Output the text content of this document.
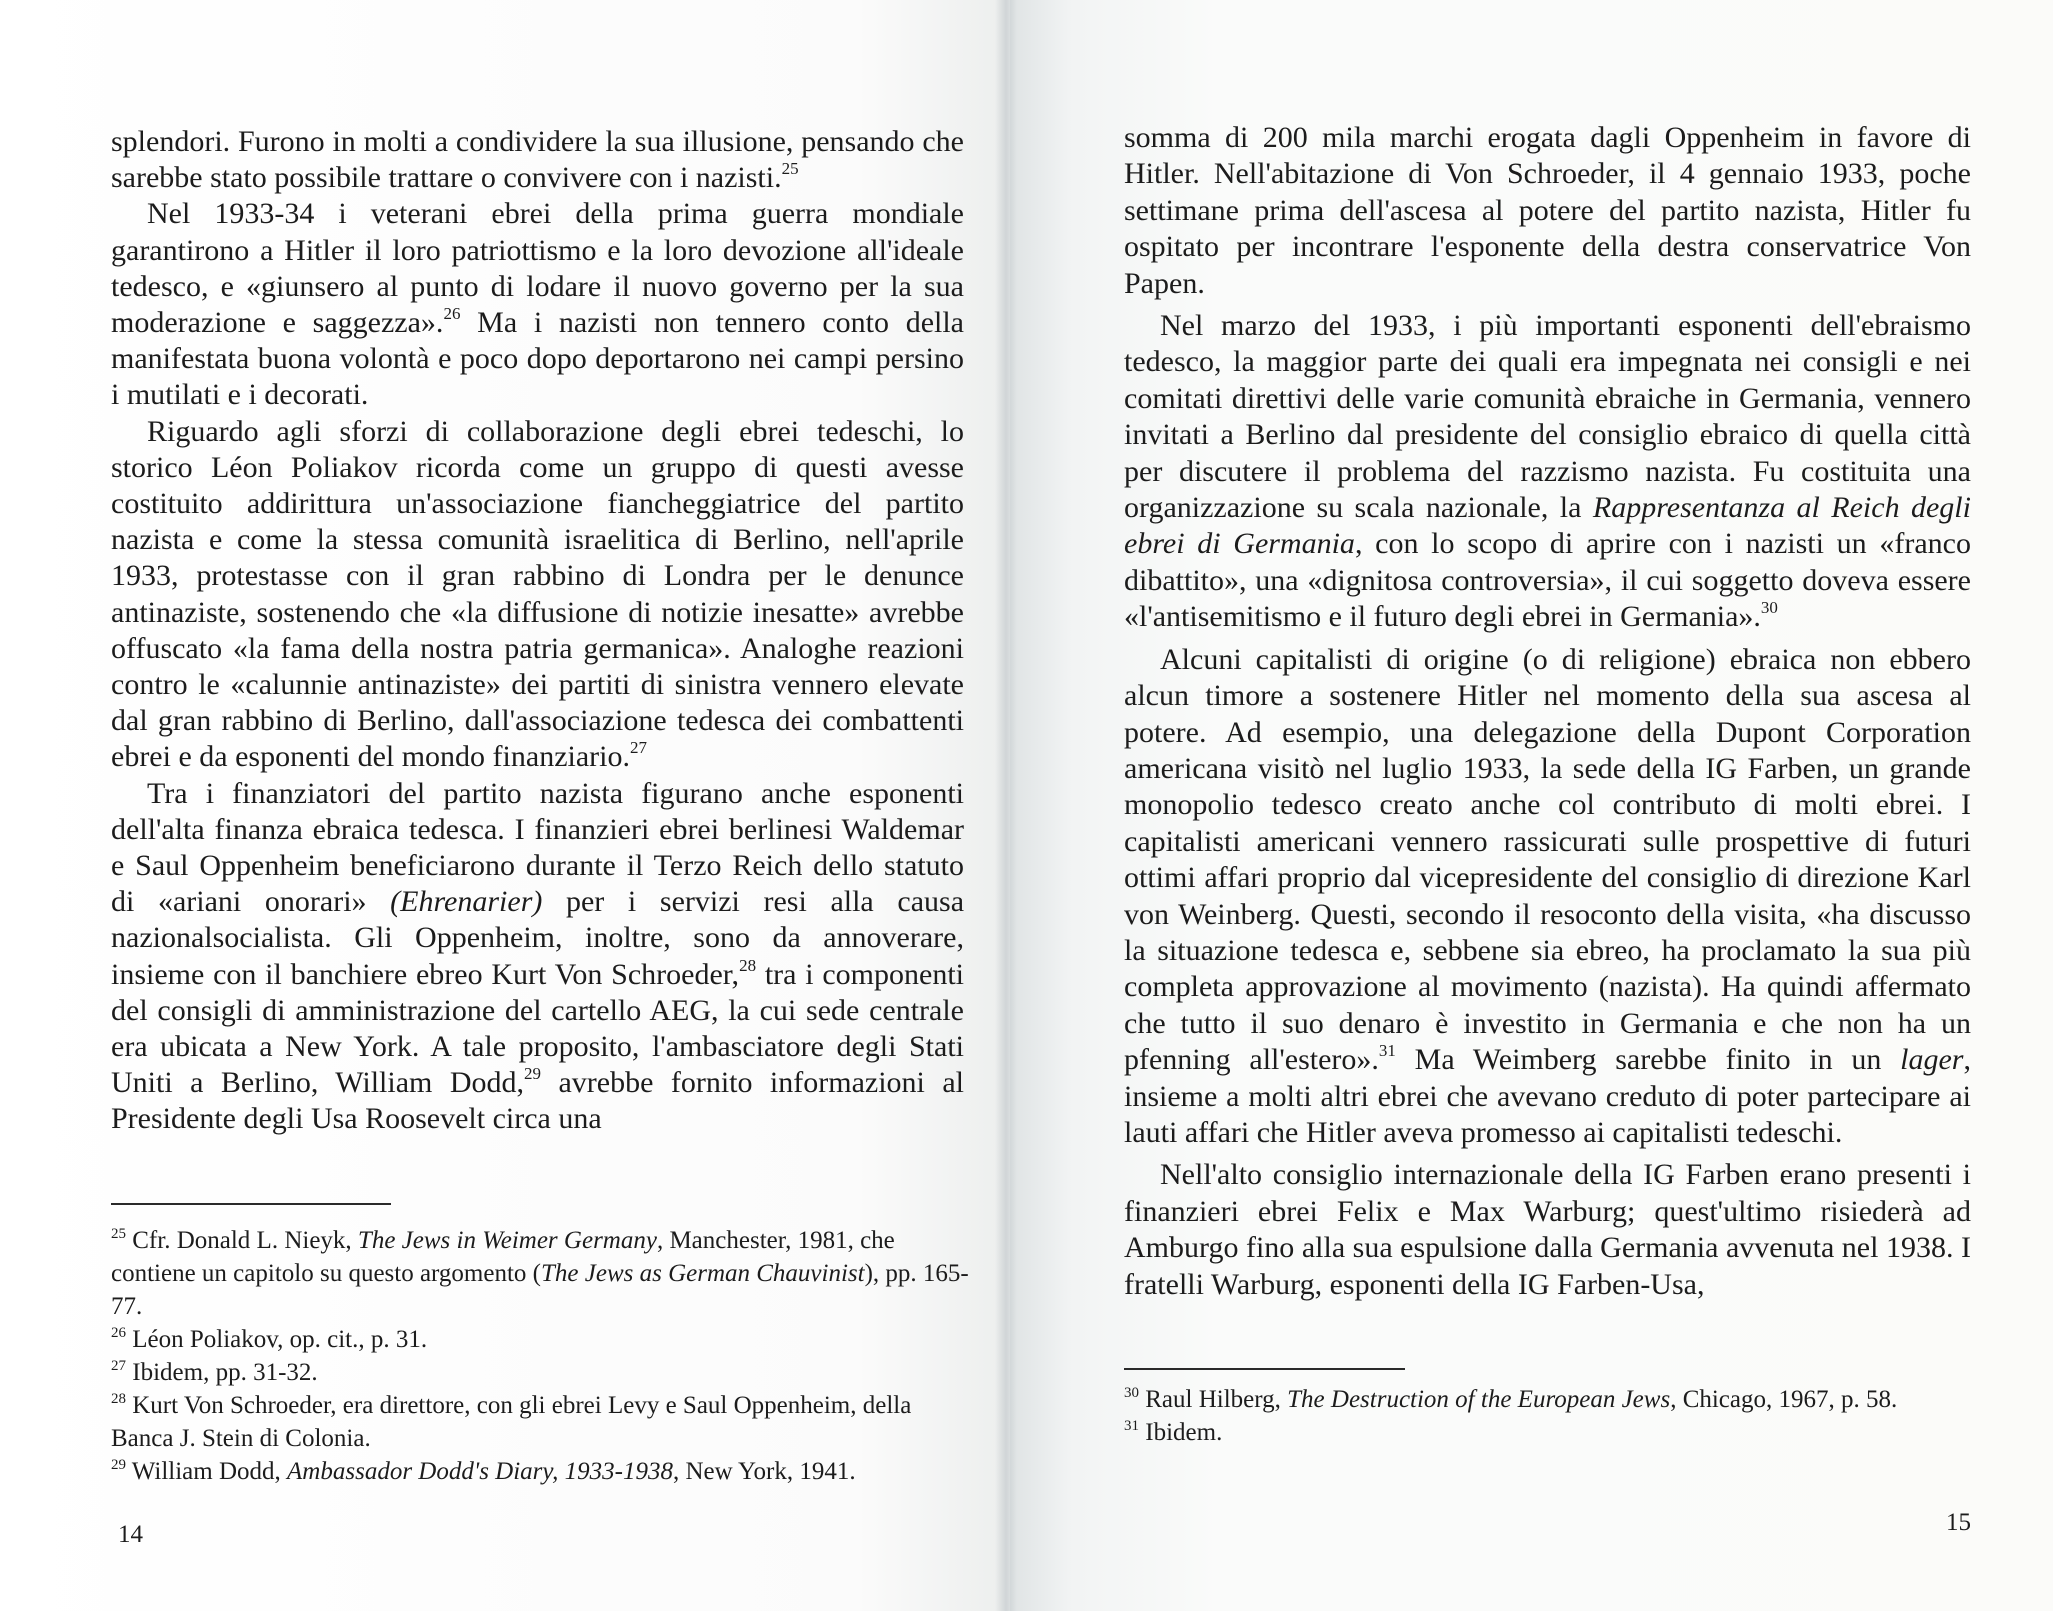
splendori. Furono in molti a condividere la sua illusione, pensando che sarebbe stato possibile trattare o convivere con i nazisti.$^{25}$

Nel 1933-34 i veterani ebrei della prima guerra mondiale garantirono a Hitler il loro patriottismo e la loro devozione all'ideale tedesco, e «giunsero al punto di lodare il nuovo governo per la sua moderazione e saggezza».$^{26}$ Ma i nazisti non tennero conto della manifestata buona volontà e poco dopo deportarono nei campi persino i mutilati e i decorati.

Riguardo agli sforzi di collaborazione degli ebrei tedeschi, lo storico Léon Poliakov ricorda come un gruppo di questi avesse costituito addirittura un'associazione fiancheggiatrice del partito nazista e come la stessa comunità israelitica di Berlino, nell'aprile 1933, protestasse con il gran rabbino di Londra per le denunce antinaziste, sostenendo che «la diffusione di notizie inesatte» avrebbe offuscato «la fama della nostra patria germanica». Analoghe reazioni contro le «calunnie antinaziste» dei partiti di sinistra vennero elevate dal gran rabbino di Berlino, dall'associazione tedesca dei combattenti ebrei e da esponenti del mondo finanziario.$^{27}$

Tra i finanziatori del partito nazista figurano anche esponenti dell'alta finanza ebraica tedesca. I finanzieri ebrei berlinesi Waldemar e Saul Oppenheim beneficiarono durante il Terzo Reich dello statuto di «ariani onorari» (Ehrenarier) per i servizi resi alla causa nazionalsocialista. Gli Oppenheim, inoltre, sono da annoverare, insieme con il banchiere ebreo Kurt Von Schroeder,$^{28}$ tra i componenti del consigli di amministrazione del cartello AEG, la cui sede centrale era ubicata a New York. A tale proposito, l'ambasciatore degli Stati Uniti a Berlino, William Dodd,$^{29}$ avrebbe fornito informazioni al Presidente degli Usa Roosevelt circa una

$^{25}$ Cfr. Donald L. Nieyk, The Jews in Weimer Germany, Manchester, 1981, che contiene un capitolo su questo argomento (The Jews as German Chauvinist), pp. 165-77.

$^{26}$ Léon Poliakov, op. cit., p. 31.

$^{27}$ Ibidem, pp. 31-32.

$^{28}$ Kurt Von Schroeder, era direttore, con gli ebrei Levy e Saul Oppenheim, della Banca J. Stein di Colonia.

$^{29}$ William Dodd, Ambassador Dodd's Diary, 1933-1938, New York, 1941.

14

somma di 200 mila marchi erogata dagli Oppenheim in favore di Hitler. Nell'abitazione di Von Schroeder, il 4 gennaio 1933, poche settimane prima dell'ascesa al potere del partito nazista, Hitler fu ospitato per incontrare l'esponente della destra conservatrice Von Papen.

Nel marzo del 1933, i più importanti esponenti dell'ebraismo tedesco, la maggior parte dei quali era impegnata nei consigli e nei comitati direttivi delle varie comunità ebraiche in Germania, vennero invitati a Berlino dal presidente del consiglio ebraico di quella città per discutere il problema del razzismo nazista. Fu costituita una organizzazione su scala nazionale, la Rappresentanza al Reich degli ebrei di Germania, con lo scopo di aprire con i nazisti un «franco dibattito», una «dignitosa controversia», il cui soggetto doveva essere «l'antisemitismo e il futuro degli ebrei in Germania».$^{30}$

Alcuni capitalisti di origine (o di religione) ebraica non ebbero alcun timore a sostenere Hitler nel momento della sua ascesa al potere. Ad esempio, una delegazione della Dupont Corporation americana visitò nel luglio 1933, la sede della IG Farben, un grande monopolio tedesco creato anche col contributo di molti ebrei. I capitalisti americani vennero rassicurati sulle prospettive di futuri ottimi affari proprio dal vicepresidente del consiglio di direzione Karl von Weinberg. Questi, secondo il resoconto della visita, «ha discusso la situazione tedesca e, sebbene sia ebreo, ha proclamato la sua più completa approvazione al movimento (nazista). Ha quindi affermato che tutto il suo denaro è investito in Germania e che non ha un pfenning all'estero».$^{31}$ Ma Weimberg sarebbe finito in un lager, insieme a molti altri ebrei che avevano creduto di poter partecipare ai lauti affari che Hitler aveva promesso ai capitalisti tedeschi.

Nell'alto consiglio internazionale della IG Farben erano presenti i finanzieri ebrei Felix e Max Warburg; quest'ultimo risiederà ad Amburgo fino alla sua espulsione dalla Germania avvenuta nel 1938. I fratelli Warburg, esponenti della IG Farben-Usa,

$^{30}$ Raul Hilberg, The Destruction of the European Jews, Chicago, 1967, p. 58.

$^{31}$ Ibidem.

15
